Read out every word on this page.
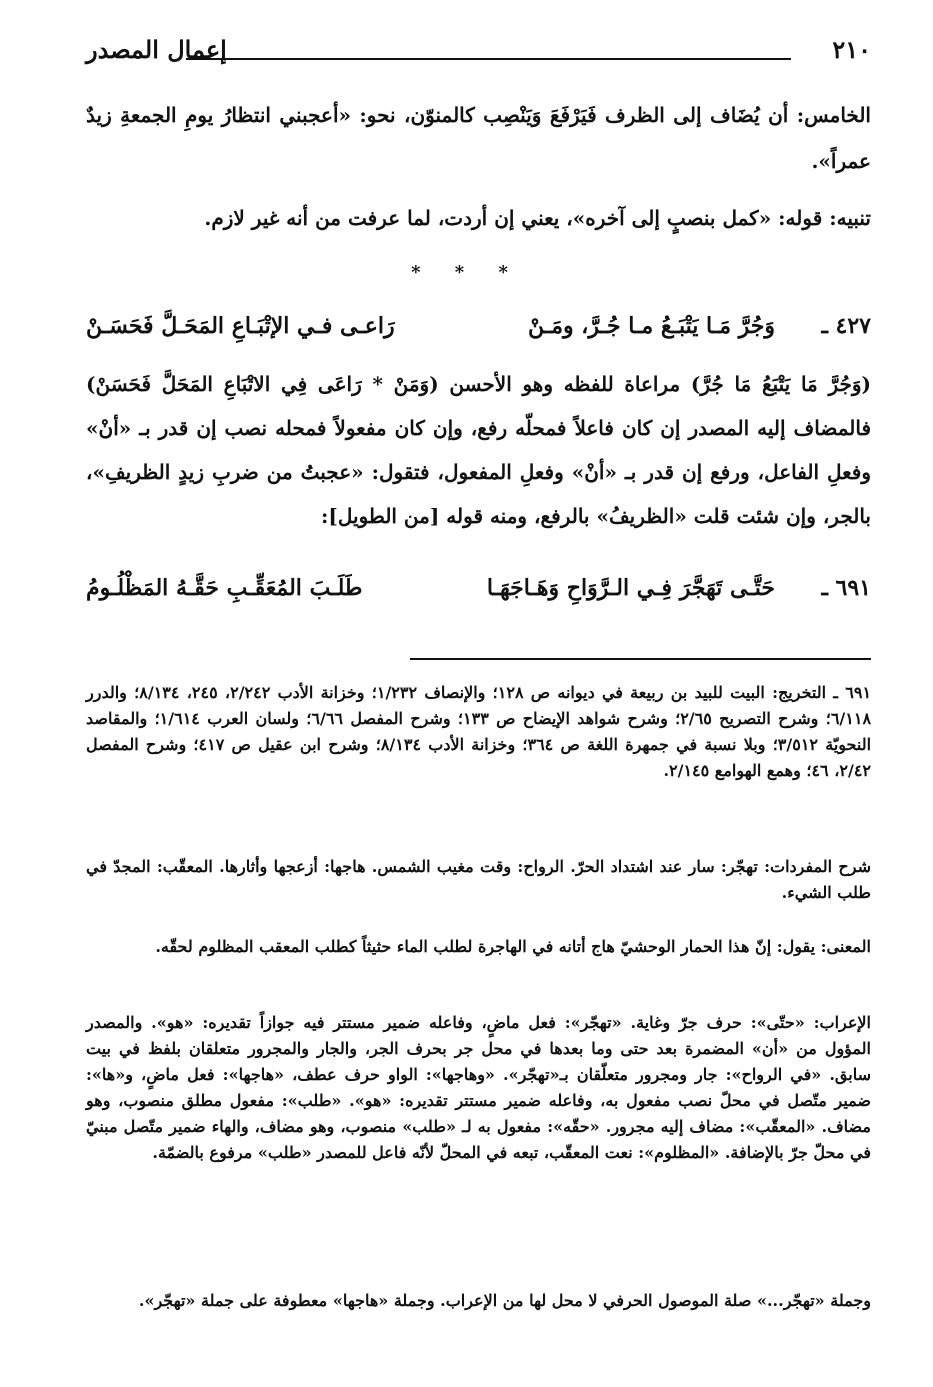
٢١٠
إعمال المصدر
الخامس: أن يُضَاف إلى الظرف فَيَرْفَعَ وَيَنْصِب كالمنوّن، نحو: «أعجبني انتظارُ يومِ الجمعةِ زيدٌ عمراً».
تنبيه: قوله: «كمل بنصبٍ إلى آخره»، يعني إن أردت، لما عرفت من أنه غير لازم.
* * *
٤٢٧ ـ
وَجُرَّ مَـا يَتْبَـعُ مـا جُـرَّ، ومَـنْ
رَاعـى فـي الإتْبَـاعِ المَحَـلَّ فَحَسَـنْ
(وَجُرَّ مَا يَتْبَعُ مَا جُرَّ) مراعاة للفظه وهو الأحسن (وَمَنْ * رَاعَى فِي الاتْبَاعِ المَحَلَّ فَحَسَنْ) فالمضاف إليه المصدر إن كان فاعلاً فمحلّه رفع، وإن كان مفعولاً فمحله نصب إن قدر بـ «أنْ» وفعلِ الفاعل، ورفع إن قدر بـ «أنْ» وفعلِ المفعول، فتقول: «عجبتُ من ضربِ زيدٍ الظريفِ»، بالجر، وإن شئت قلت «الظريفُ» بالرفع، ومنه قوله [من الطويل]:
٦٩١ ـ
حَتَّـى تَهَجَّرَ فِـي الـرَّوَاحِ وَهَـاجَهَـا
طَلَـبَ المُعَقِّـبِ حَقَّـهُ المَظْلُـومُ
٦٩١ ـ التخريج: البيت للبيد بن ربيعة في ديوانه ص ١٢٨؛ والإنصاف ١/٢٣٢؛ وخزانة الأدب ٢/٢٤٢، ٢٤٥، ٨/١٣٤؛ والدرر ٦/١١٨؛ وشرح التصريح ٢/٦٥؛ وشرح شواهد الإيضاح ص ١٣٣؛ وشرح المفصل ٦/٦٦؛ ولسان العرب ١/٦١٤؛ والمقاصد النحويّة ٣/٥١٢؛ وبلا نسبة في جمهرة اللغة ص ٣٦٤؛ وخزانة الأدب ٨/١٣٤؛ وشرح ابن عقيل ص ٤١٧؛ وشرح المفصل ٢/٤٢، ٤٦؛ وهمع الهوامع ٢/١٤٥.
شرح المفردات: تهجّر: سار عند اشتداد الحرّ. الرواح: وقت مغيب الشمس. هاجها: أزعجها وأثارها. المعقّب: المجدّ في طلب الشيء.
المعنى: يقول: إنّ هذا الحمار الوحشيّ هاج أتانه في الهاجرة لطلب الماء حثيثاً كطلب المعقب المظلوم لحقّه.
الإعراب: «حتّى»: حرف جرّ وغاية. «تهجّر»: فعل ماضٍ، وفاعله ضمير مستتر فيه جوازاً تقديره: «هو». والمصدر المؤول من «أن» المضمرة بعد حتى وما بعدها في محل جر بحرف الجر، والجار والمجرور متعلقان بلفظ في بيت سابق. «في الرواح»: جار ومجرور متعلّقان بـ«تهجّر». «وهاجها»: الواو حرف عطف، «هاجها»: فعل ماضٍ، و«ها»: ضمير متّصل في محلّ نصب مفعول به، وفاعله ضمير مستتر تقديره: «هو». «طلب»: مفعول مطلق منصوب، وهو مضاف. «المعقّب»: مضاف إليه مجرور. «حقّه»: مفعول به لـ «طلب» منصوب، وهو مضاف، والهاء ضمير متّصل مبنيّ في محلّ جرّ بالإضافة. «المظلوم»: نعت المعقّب، تبعه في المحلّ لأنّه فاعل للمصدر «طلب» مرفوع بالضمّة.
وجملة «تهجّر...» صلة الموصول الحرفي لا محل لها من الإعراب. وجملة «هاجها» معطوفة على جملة «تهجّر».
